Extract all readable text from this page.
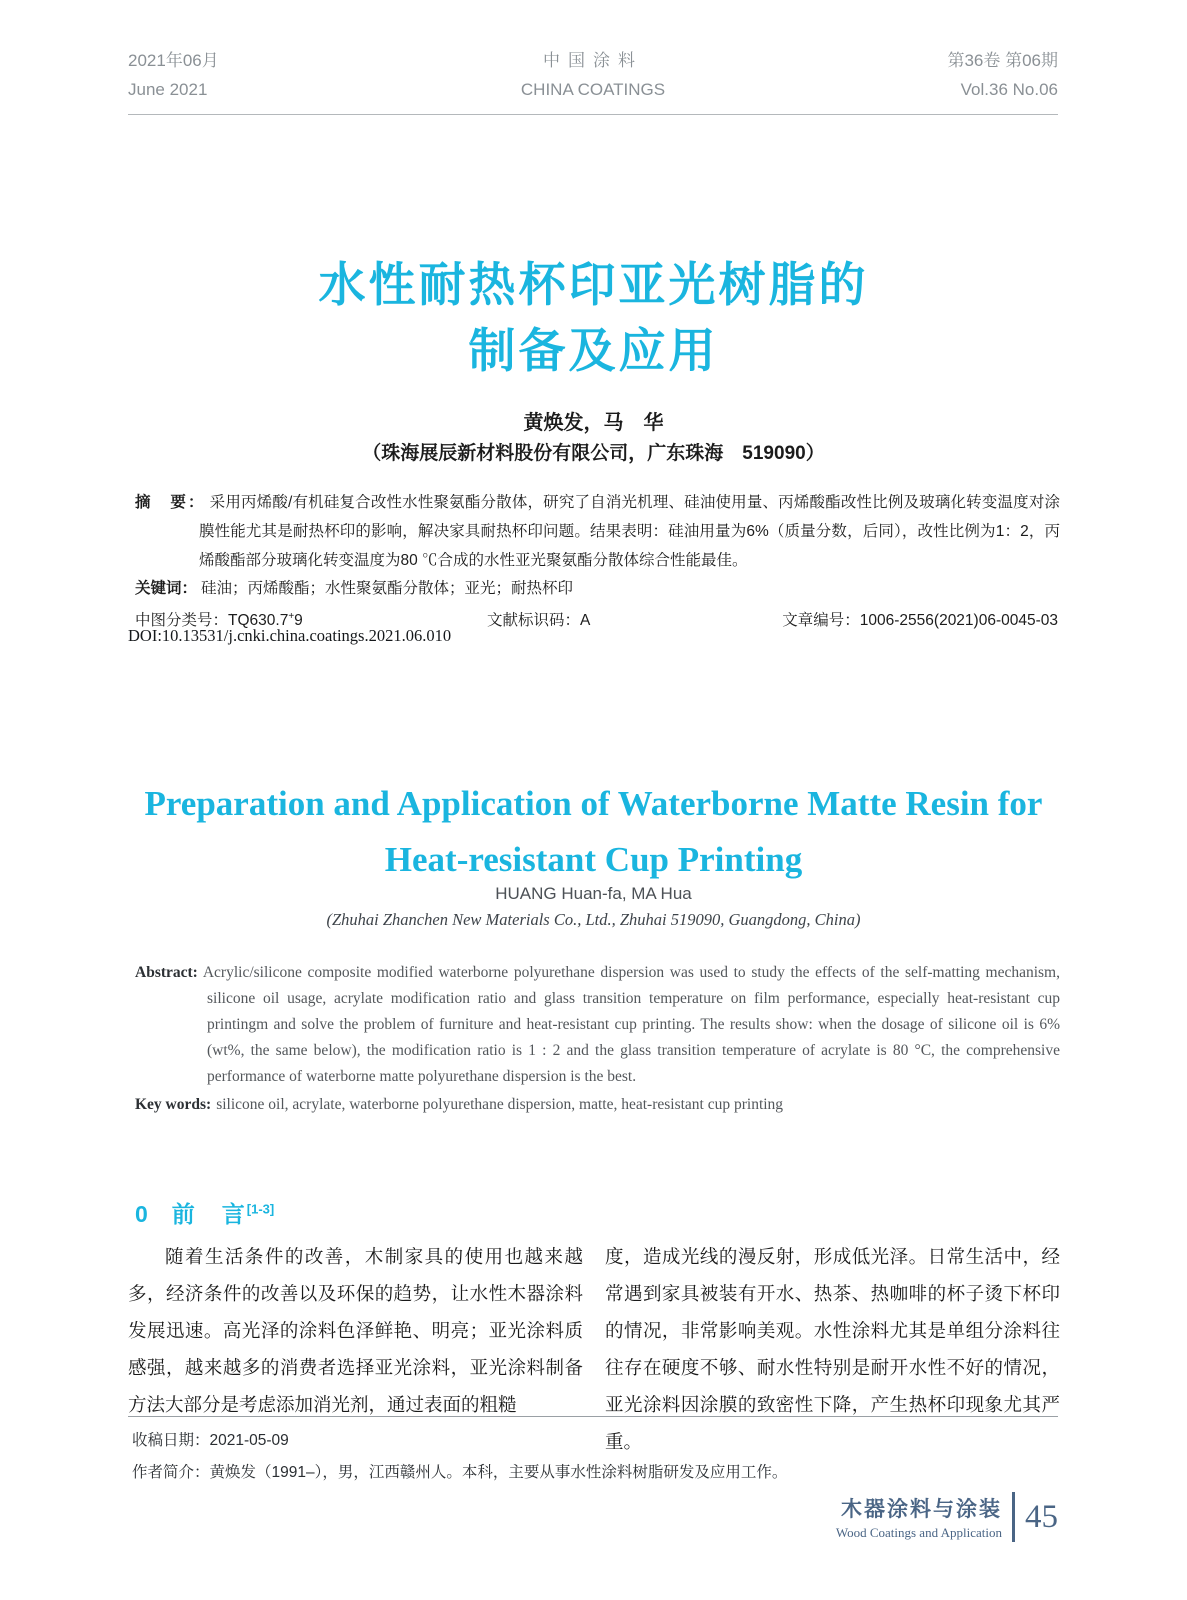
2021年06月	中国涂料	第36卷 第06期
June 2021	CHINA COATINGS	Vol.36 No.06
水性耐热杯印亚光树脂的
制备及应用
黄焕发，马　华
（珠海展辰新材料股份有限公司，广东珠海　519090）
摘　要： 采用丙烯酸/有机硅复合改性水性聚氨酯分散体，研究了自消光机理、硅油使用量、丙烯酸酯改性比例及玻璃化转变温度对涂膜性能尤其是耐热杯印的影响，解决家具耐热杯印问题。结果表明：硅油用量为6%（质量分数，后同），改性比例为1：2，丙烯酸酯部分玻璃化转变温度为80 ℃合成的水性亚光聚氨酯分散体综合性能最佳。
关键词： 硅油；丙烯酸酯；水性聚氨酯分散体；亚光；耐热杯印
中图分类号：TQ630.7+9	文献标识码：A	文章编号：1006-2556(2021)06-0045-03
DOI:10.13531/j.cnki.china.coatings.2021.06.010
Preparation and Application of Waterborne Matte Resin for
Heat-resistant Cup Printing
HUANG Huan-fa, MA Hua
(Zhuhai Zhanchen New Materials Co., Ltd., Zhuhai 519090, Guangdong, China)
Abstract: Acrylic/silicone composite modified waterborne polyurethane dispersion was used to study the effects of the self-matting mechanism, silicone oil usage, acrylate modification ratio and glass transition temperature on film performance, especially heat-resistant cup printingm and solve the problem of furniture and heat-resistant cup printing. The results show: when the dosage of silicone oil is 6% (wt%, the same below), the modification ratio is 1 : 2 and the glass transition temperature of acrylate is 80 °C, the comprehensive performance of waterborne matte polyurethane dispersion is the best.
Key words: silicone oil, acrylate, waterborne polyurethane dispersion, matte, heat-resistant cup printing
0 前　言[1-3]

随着生活条件的改善，木制家具的使用也越来越多，经济条件的改善以及环保的趋势，让水性木器涂料发展迅速。高光泽的涂料色泽鲜艳、明亮；亚光涂料质感强，越来越多的消费者选择亚光涂料，亚光涂料制备方法大部分是考虑添加消光剂，通过表面的粗糙

度，造成光线的漫反射，形成低光泽。日常生活中，经常遇到家具被装有开水、热茶、热咖啡的杯子烫下杯印的情况，非常影响美观。水性涂料尤其是单组分涂料往往存在硬度不够、耐水性特别是耐开水性不好的情况，亚光涂料因涂膜的致密性下降，产生热杯印现象尤其严重。

收稿日期：2021-05-09
作者简介：黄焕发（1991–），男，江西赣州人。本科，主要从事水性涂料树脂研发及应用工作。
木器涂料与涂装
Wood Coatings and Application 45
